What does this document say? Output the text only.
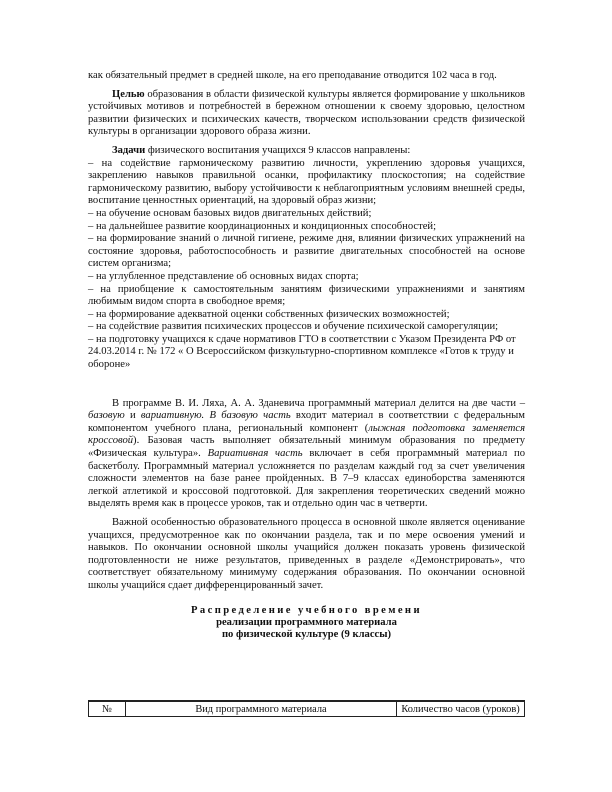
как обязательный предмет в средней школе, на его преподавание отводится 102 часа в год.

Целью образования в области физической культуры является формирование у школьников устойчивых мотивов и потребностей в бережном отношении к своему здоровью, целостном развитии физических и психических качеств, творческом использовании средств физической культуры в организации здорового образа жизни.

Задачи физического воспитания учащихся 9 классов направлены:

– на содействие гармоническому развитию личности, укреплению здоровья учащихся, закреплению навыков правильной осанки, профилактику плоскостопия; на содействие гармоническому развитию, выбору устойчивости к неблагоприятным условиям внешней среды, воспитание ценностных ориентаций, на здоровый образ жизни;

– на обучение основам базовых видов двигательных действий;

– на дальнейшее развитие координационных и кондиционных способностей;

– на формирование знаний о личной гигиене, режиме дня, влиянии физических упражнений на состояние здоровья, работоспособность и развитие двигательных способностей на основе систем организма;

– на углубленное представление об основных видах спорта;

– на приобщение к самостоятельным занятиям физическими упражнениями и занятиям любимым видом спорта в свободное время;

– на формирование адекватной оценки собственных физических возможностей;

– на содействие развития психических процессов и обучение психической саморегуляции;

– на подготовку учащихся к сдаче нормативов ГТО в соответствии с Указом Президента РФ от 24.03.2014 г. № 172 « О Всероссийском физкультурно-спортивном комплексе «Готов к труду и обороне»

В программе В. И. Ляха, А. А. Зданевича программный материал делится на две части – базовую и вариативную. В базовую часть входит материал в соответствии с федеральным компонентом учебного плана, региональный компонент (лыжная подготовка заменяется кроссовой). Базовая часть выполняет обязательный минимум образования по предмету «Физическая культура». Вариативная часть включает в себя программный материал по баскетболу. Программный материал усложняется по разделам каждый год за счет увеличения сложности элементов на базе ранее пройденных. В 7–9 классах единоборства заменяются легкой атлетикой и кроссовой подготовкой. Для закрепления теоретических сведений можно выделять время как в процессе уроков, так и отдельно один час в четверти.

Важной особенностью образовательного процесса в основной школе является оценивание учащихся, предусмотренное как по окончании раздела, так и по мере освоения умений и навыков. По окончании основной школы учащийся должен показать уровень физической подготовленности не ниже результатов, приведенных в разделе «Демонстрировать», что соответствует обязательному минимуму содержания образования. По окончании основной школы учащийся сдает дифференцированный зачет.

Распределение учебного времени
реализации программного материала
по физической культуре (9 классы)
№	Вид программного материала	Количество часов (уроков)
